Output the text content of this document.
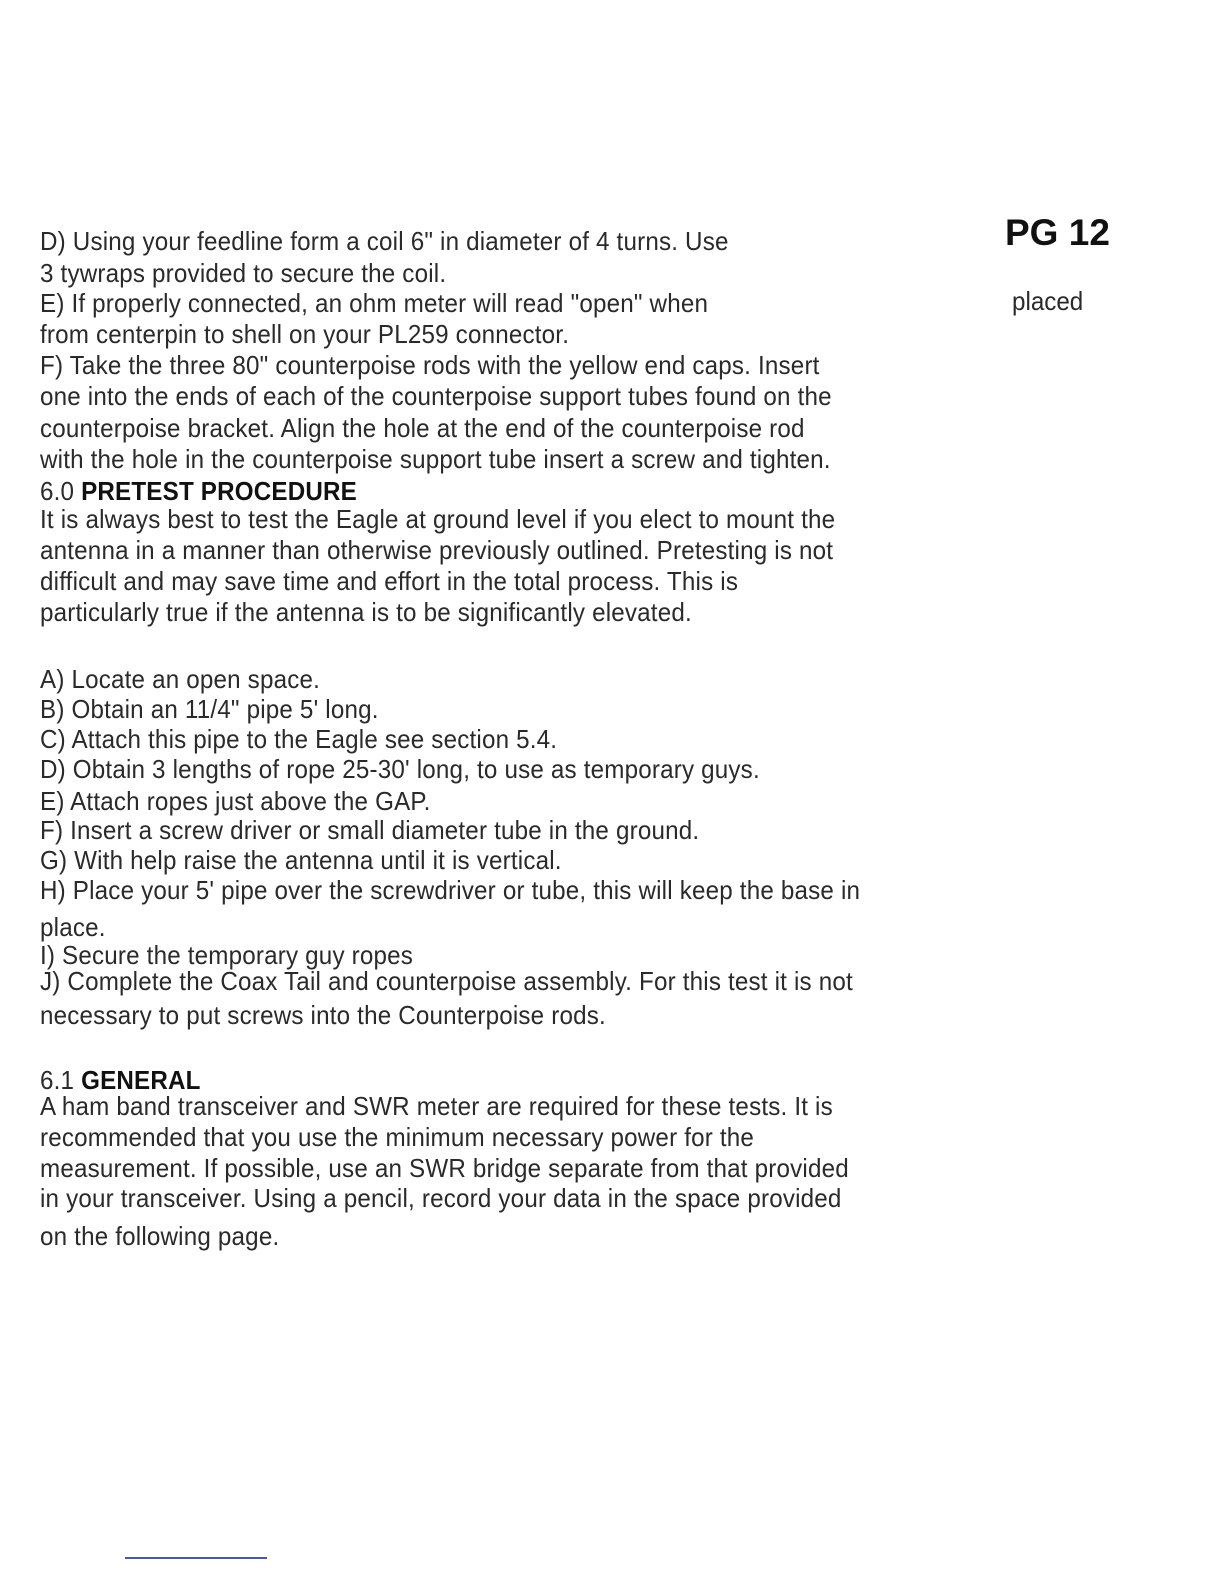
PG 12
D) Using your feedline form a coil 6" in diameter of 4 turns. Use
3 tywraps provided to secure the coil.
E) If properly connected, an ohm meter will read "open" when	placed
from centerpin to shell on your PL259 connector.
F) Take the three 80" counterpoise rods with the yellow end caps. Insert
one into the ends of each of the counterpoise support tubes found on the
counterpoise bracket. Align the hole at the end of the counterpoise rod
with the hole in the counterpoise support tube insert a screw and tighten.
6.0 PRETEST PROCEDURE
It is always best to test the Eagle at ground level if you elect to mount the
antenna in a manner than otherwise previously outlined. Pretesting is not
difficult and may save time and effort in the total process. This is
particularly true if the antenna is to be significantly elevated.
A) Locate an open space.
B) Obtain an 11/4" pipe 5' long.
C) Attach this pipe to the Eagle see section 5.4.
D) Obtain 3 lengths of rope 25-30' long, to use as temporary guys.
E) Attach ropes just above the GAP.
F) Insert a screw driver or small diameter tube in the ground.
G) With help raise the antenna until it is vertical.
H) Place your 5' pipe over the screwdriver or tube, this will keep the base in
place.
I) Secure the temporary guy ropes
J) Complete the Coax Tail and counterpoise assembly. For this test it is not
necessary to put screws into the Counterpoise rods.
6.1 GENERAL
A ham band transceiver and SWR meter are required for these tests. It is
recommended that you use the minimum necessary power for the
measurement. If possible, use an SWR bridge separate from that provided
in your transceiver. Using a pencil, record your data in the space provided
on the following page.
